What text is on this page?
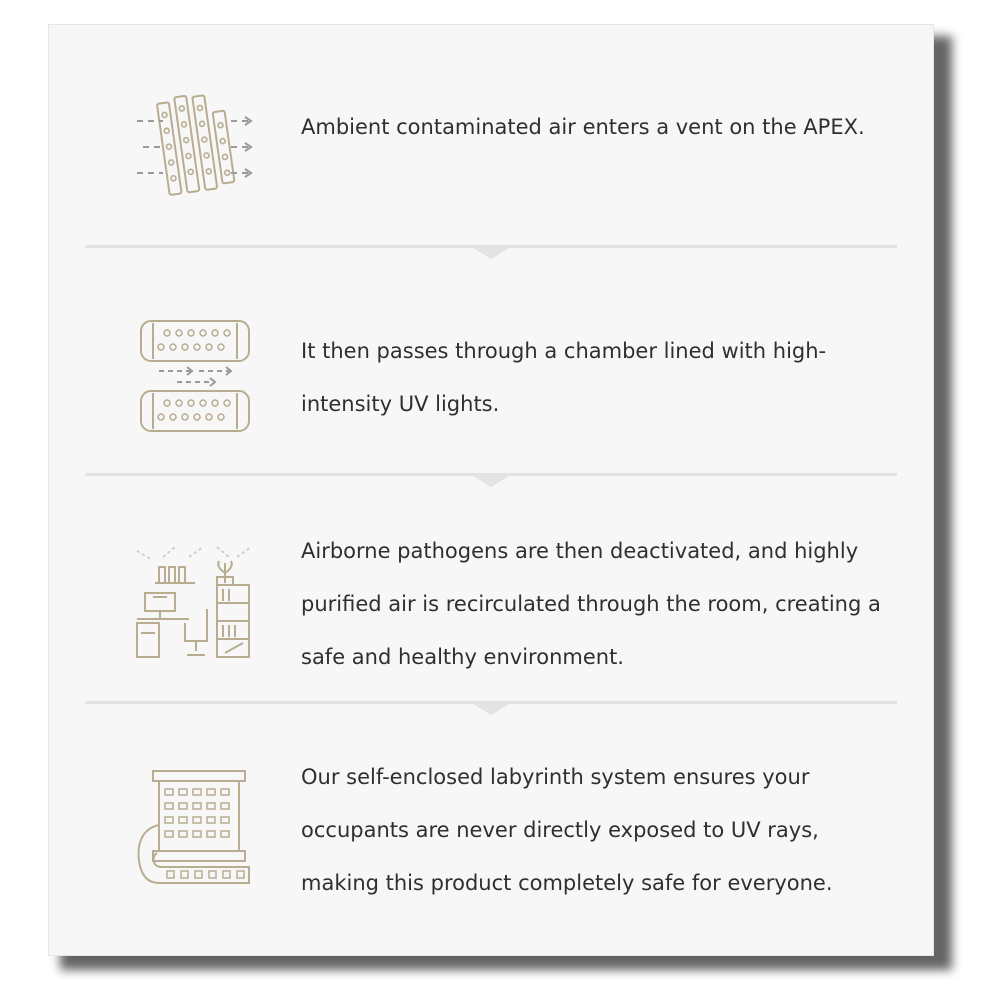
Ambient contaminated air enters a vent on the APEX.

It then passes through a chamber lined with high-intensity UV lights.

Airborne pathogens are then deactivated, and highly purified air is recirculated through the room, creating a safe and healthy environment.

Our self-enclosed labyrinth system ensures your occupants are never directly exposed to UV rays, making this product completely safe for everyone.
